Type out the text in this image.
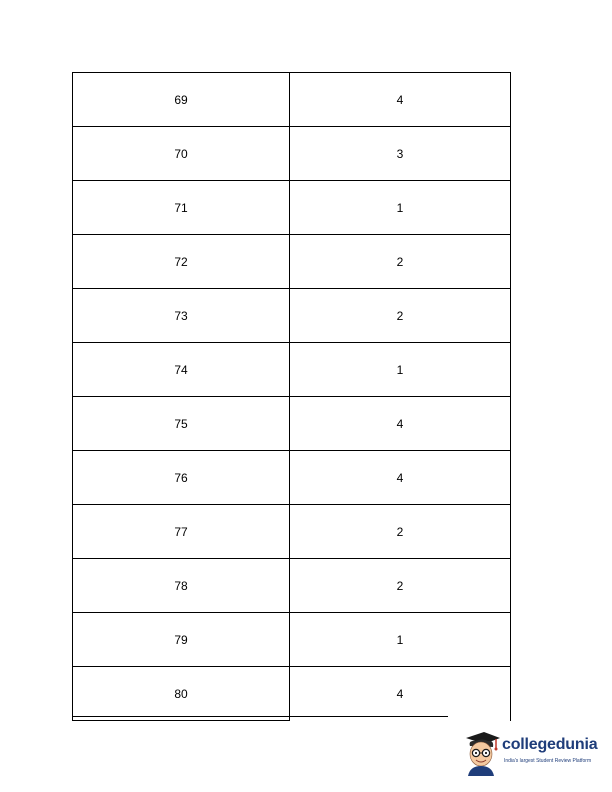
69	4
70	3
71	1
72	2
73	2
74	1
75	4
76	4
77	2
78	2
79	1
80	4
collegedunia
India's largest Student Review Platform
